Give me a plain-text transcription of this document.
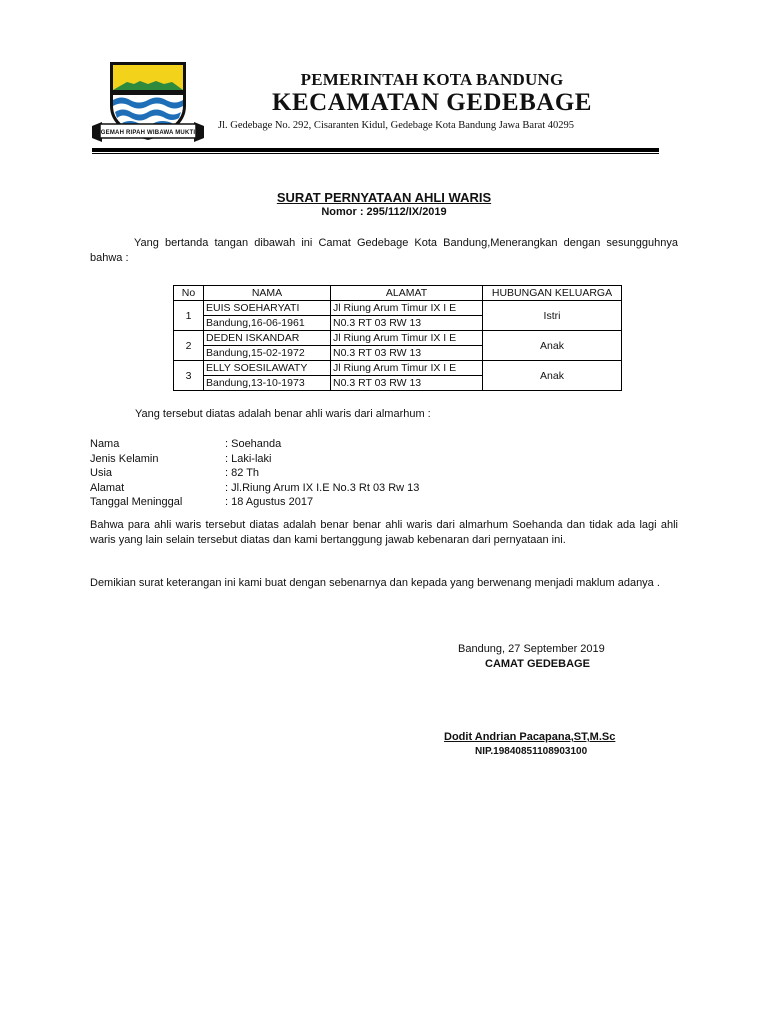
GEMAH RIPAH WIBAWA MUKTI
PEMERINTAH KOTA BANDUNG
KECAMATAN GEDEBAGE
Jl. Gedebage No. 292, Cisaranten Kidul, Gedebage Kota Bandung Jawa Barat 40295
SURAT PERNYATAAN AHLI WARIS
Nomor : 295/112/IX/2019
Yang bertanda tangan dibawah ini Camat Gedebage Kota Bandung,Menerangkan dengan sesungguhnya bahwa :
No	NAMA	ALAMAT	HUBUNGAN KELUARGA
1	EUIS SOEHARYATI	Jl Riung Arum Timur IX I E	Istri
	Bandung,16-06-1961	N0.3 RT 03 RW 13	
2	DEDEN ISKANDAR	Jl Riung Arum Timur IX I E	Anak
	Bandung,15-02-1972	N0.3 RT 03 RW 13	
3	ELLY SOESILAWATY	Jl Riung Arum Timur IX I E	Anak
	Bandung,13-10-1973	N0.3 RT 03 RW 13	
Yang tersebut diatas adalah benar ahli waris dari almarhum :
Nama	: Soehanda
Jenis Kelamin	: Laki-laki
Usia	: 82 Th
Alamat	: Jl.Riung Arum IX I.E No.3 Rt 03 Rw 13
Tanggal Meninggal	: 18 Agustus 2017
Bahwa para ahli waris tersebut diatas adalah benar benar ahli waris dari almarhum Soehanda dan tidak ada lagi ahli waris yang lain selain tersebut diatas dan kami bertanggung jawab kebenaran dari pernyataan ini.
Demikian surat keterangan ini kami buat dengan sebenarnya dan kepada yang berwenang menjadi maklum adanya .
Bandung, 27 September 2019
CAMAT GEDEBAGE
Dodit Andrian Pacapana,ST,M.Sc
NIP.19840851108903100
